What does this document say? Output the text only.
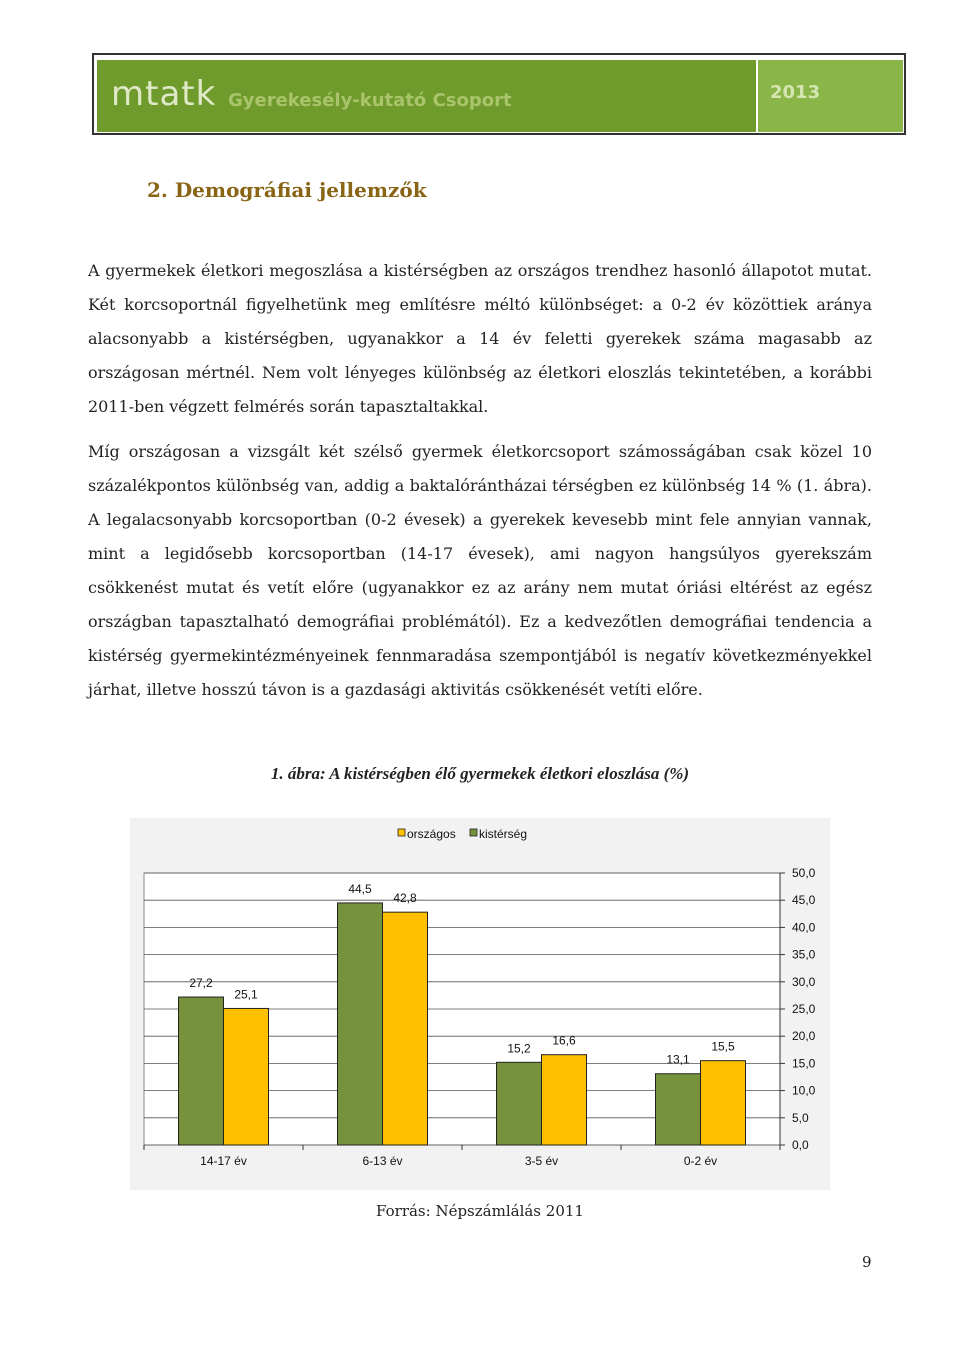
mtatk Gyerekesély-kutató Csoport	2013
2. Demográfiai jellemzők

A gyermekek életkori megoszlása a kistérségben az országos trendhez hasonló állapotot mutat. Két korcsoportnál figyelhetünk meg említésre méltó különbséget: a 0-2 év közöttiek aránya alacsonyabb a kistérségben, ugyanakkor a 14 év feletti gyerekek száma magasabb az országosan mértnél. Nem volt lényeges különbség az életkori eloszlás tekintetében, a korábbi 2011-ben végzett felmérés során tapasztaltakkal.

Míg országosan a vizsgált két szélső gyermek életkorcsoport számosságában csak közel 10 százalékpontos különbség van, addig a baktalórántházai térségben ez különbség 14 % (1. ábra). A legalacsonyabb korcsoportban (0-2 évesek) a gyerekek kevesebb mint fele annyian vannak, mint a legidősebb korcsoportban (14-17 évesek), ami nagyon hangsúlyos gyerekszám csökkenést mutat és vetít előre (ugyanakkor ez az arány nem mutat óriási eltérést az egész országban tapasztalható demográfiai problémától). Ez a kedvezőtlen demográfiai tendencia a kistérség gyermekintézményeinek fennmaradása szempontjából is negatív következményekkel járhat, illetve hosszú távon is a gazdasági aktivitás csökkenését vetíti előre.

1. ábra: A kistérségben élő gyermekek életkori eloszlása (%)
0,0
5,0
10,0
15,0
20,0
25,0
30,0
35,0
40,0
45,0
50,0
27,2
25,1
14-17 év
44,5
42,8
6-13 év
15,2
16,6
3-5 év
13,1
15,5
0-2 év
országos kistérség
Forrás: Népszámlálás 2011
9
